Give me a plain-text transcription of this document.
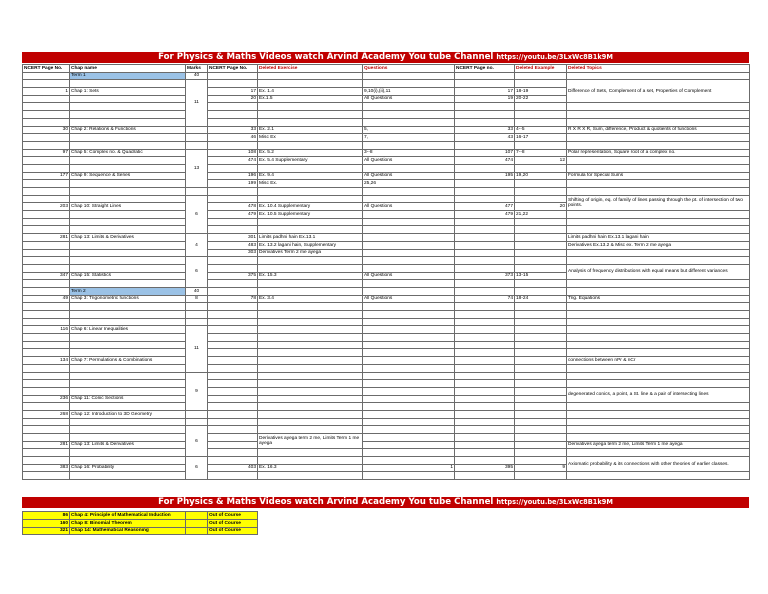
For Physics & Maths Videos watch Arvind Academy You tube Channel https://youtu.be/3LxWc8B1k9M
NCERT Page No.	Chap name	Marks	NCERT Page No.	Deleted Exercise	Questions	NCERT Page no.	Deleted Example	Deleted Topics
	Term 1	40						
		11						Difference of Sets, Complement of a set, Properties of Complement
1	Chap 1: Sets		17	Ex. 1.4	9,10(i),(ii),11	17	18-19	
			20	Ex.1.5	All Questions	19	20-22	

30	Chap 2: Relations & Functions		33	Ex. 2.1	5,	33	4--5	R X R X R, Sum, difference, Product & quotients of functions
			46	Misc Ex	7,	43	16-17	

97	Chap 5: Complex no. & Quadratic	13	108	Ex. 5.2	3--8	107	7--8	Polar representation, Square root of a complex no.
			474	Ex. 5.4 Supplementary	All Questions	474	12	

177	Chap 9: Sequence & Series		196	Ex. 9.4	All Questions	195	19,20	Formula for Special Sums
			199	Misc Ex.	25,26			

		6						Shifting of origin, eq. of family of lines passing through the pt. of intersection of two points.
203	Chap 10: Straight Lines		478	Ex. 10.4 Supplementary	All Questions	477	20	
			479	Ex. 10.5 Supplementary		479	21,22	

281	Chap 13: Limits & Derivatives	4	301	Limits padhni hain Ex.13.1				Limits padhni hain Ex.13.1 lagani hain
			483	Ex. 13.2 lagani hain, Supplementary				Derivatives Ex.13.2 & Misc ex. Term 2 me ayega
			303	Derivatives Term 2 me ayega				
		6						
								Analysis of frequency distributions with equal means but different variances
347	Chap 15: Statistics		375	Ex. 15.3	All Questions	373	13-15	

	Term 2	40						
49	Chap 3: Trigonometric functions	8	78	Ex. 3.4	All Questions	74	18-24	Trig. Equations

116	Chap 6: Linear Inequalities	11						

134	Chap 7: Permulations & Combinations							connections between nPr & nCr

		9						

								degenerated conics, a point, a St. line & a pair of intersecting lines
236	Chap 11: Conic Sections							

268	Chap 12: Introduction to 3D Geometry							

		6						
				Derivatives ayega term 2 me, Limits Term 1 me ayega				
281	Chap 13: Limits & Derivatives							Derivatives ayega term 2 me, Limits Term 1 me ayega

		6						Axiomatic probability & its connections with other theories of earlier classes.
383	Chap 16: Probability		403	Ex. 16.3	1	395	9	

For Physics & Maths Videos watch Arvind Academy You tube Channel https://youtu.be/3LxWc8B1k9M
86	Chap 4: Principle of Mathematical Induction		Out of Course
160	Chap 8: Binomial Theorem		Out of Course
321	Chap 14: Mathematical Reasoning		Out of Course
